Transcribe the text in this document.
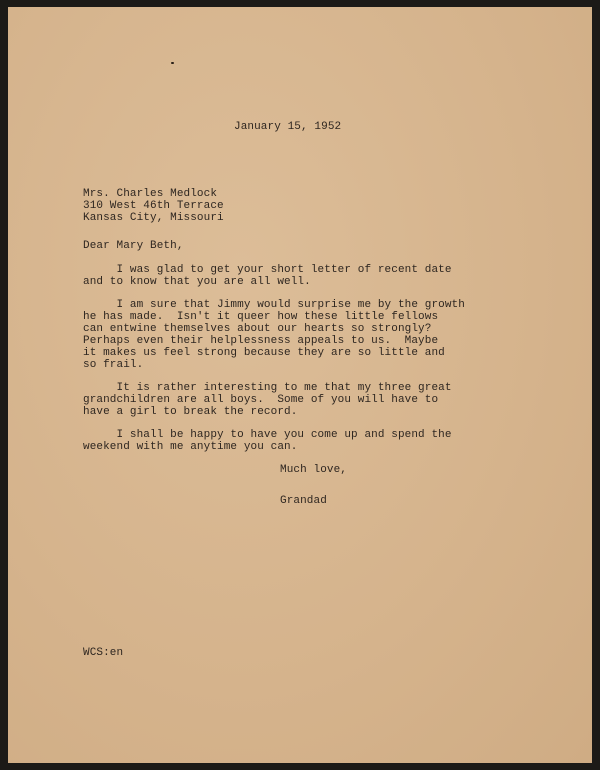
January 15, 1952
Mrs. Charles Medlock
310 West 46th Terrace
Kansas City, Missouri
Dear Mary Beth,
I was glad to get your short letter of recent date
and to know that you are all well.
I am sure that Jimmy would surprise me by the growth
he has made.  Isn't it queer how these little fellows
can entwine themselves about our hearts so strongly?
Perhaps even their helplessness appeals to us.  Maybe
it makes us feel strong because they are so little and
so frail.
It is rather interesting to me that my three great
grandchildren are all boys.  Some of you will have to
have a girl to break the record.
I shall be happy to have you come up and spend the
weekend with me anytime you can.
Much love,
Grandad
WCS:en
